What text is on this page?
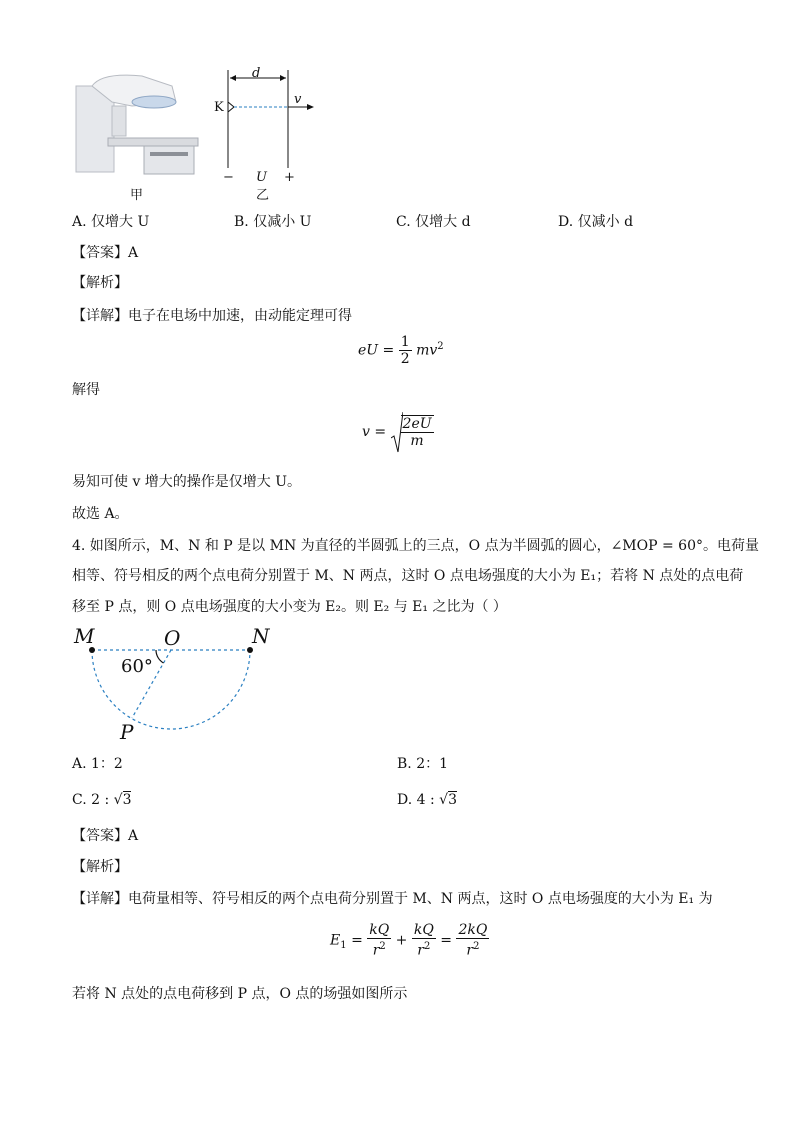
甲
d
K
v
− U +
乙
A. 仅增大 U	B. 仅减小 U	C. 仅增大 d	D. 仅减小 d
【答案】A
【解析】
【详解】电子在电场中加速，由动能定理可得
eU = $\frac{1}{2} mv^2$
解得
$v = \frac{2eU}{m}$
易知可使 v 增大的操作是仅增大 U。
故选 A。
4. 如图所示，M、N 和 P 是以 MN 为直径的半圆弧上的三点，O 点为半圆弧的圆心，∠MOP = 60°。电荷量
相等、符号相反的两个点电荷分别置于 M、N 两点，这时 O 点电场强度的大小为 E₁；若将 N 点处的点电荷
移至 P 点，则 O 点电场强度的大小变为 E₂。则 E₂ 与 E₁ 之比为（ ）
M	O	N
60°
P
A. 1：2	B. 2：1
C. 2 : √3	D. 4 : √3
【答案】A
【解析】
【详解】电荷量相等、符号相反的两个点电荷分别置于 M、N 两点，这时 O 点电场强度的大小为 E₁ 为
$E_1 = \frac{kQ}{r^2} + \frac{kQ}{r^2} = \frac{2kQ}{r^2}$
若将 N 点处的点电荷移到 P 点，O 点的场强如图所示
